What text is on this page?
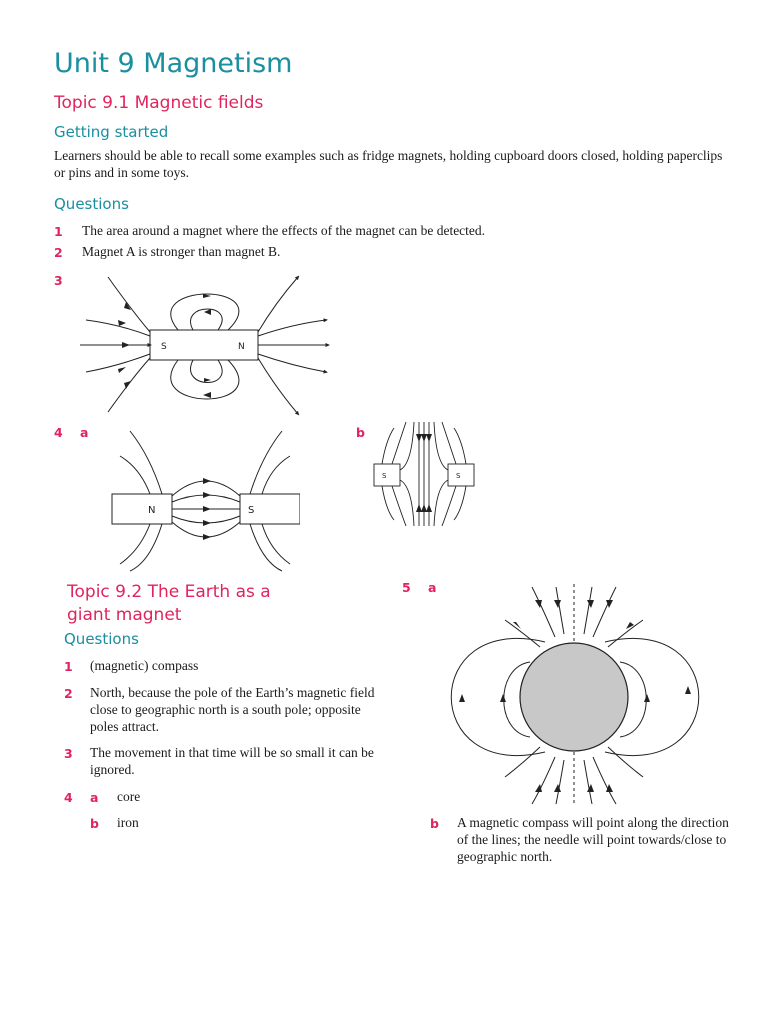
Unit 9 Magnetism
Topic 9.1 Magnetic fields
Getting started
Learners should be able to recall some examples such as fridge magnets, holding cupboard doors closed, holding paperclips or pins and in some toys.
Questions
1 The area around a magnet where the effects of the magnet can be detected.
2 Magnet A is stronger than magnet B.
3
S	N
4 a
N	S
b
S	S
Topic 9.2 The Earth as a
giant magnet
Questions
1 (magnetic) compass
2 North, because the pole of the Earth’s magnetic field close to geographic north is a south pole; opposite poles attract.
3 The movement in that time will be so small it can be ignored.
4 a core
b iron
5 a
b A magnetic compass will point along the direction of the lines; the needle will point towards/close to geographic north.
